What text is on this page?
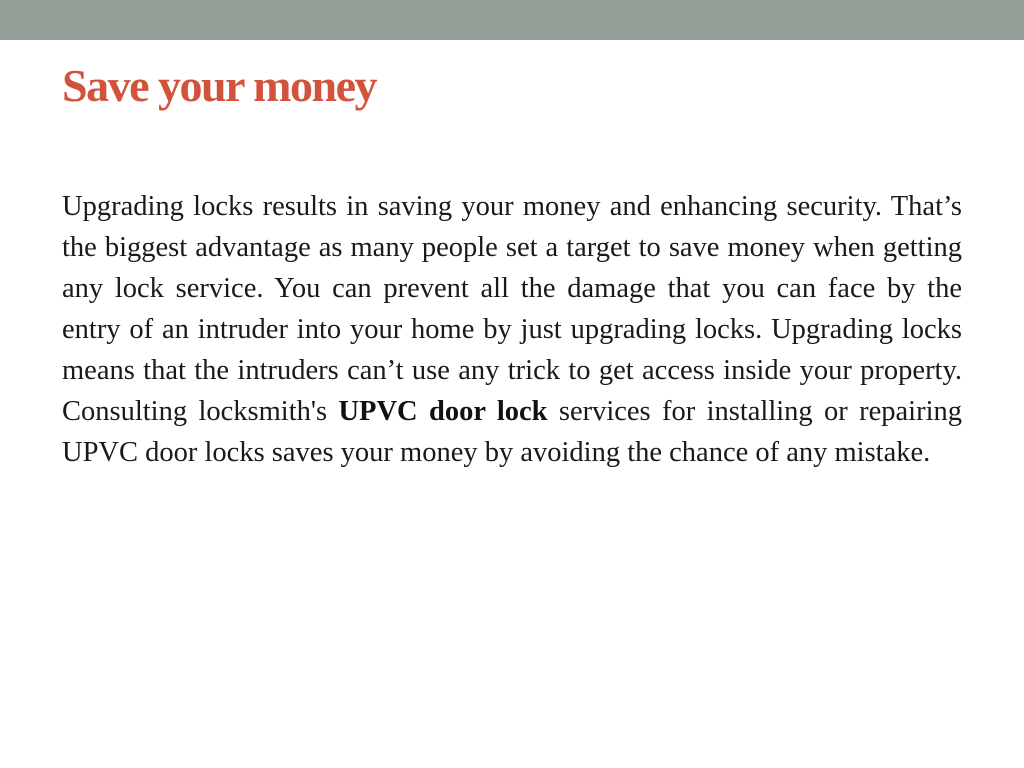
Save your money

Upgrading locks results in saving your money and enhancing security. That’s the biggest advantage as many people set a target to save money when getting any lock service. You can prevent all the damage that you can face by the entry of an intruder into your home by just upgrading locks. Upgrading locks means that the intruders can’t use any trick to get access inside your property. Consulting locksmith's UPVC door lock services for installing or repairing UPVC door locks saves your money by avoiding the chance of any mistake.
